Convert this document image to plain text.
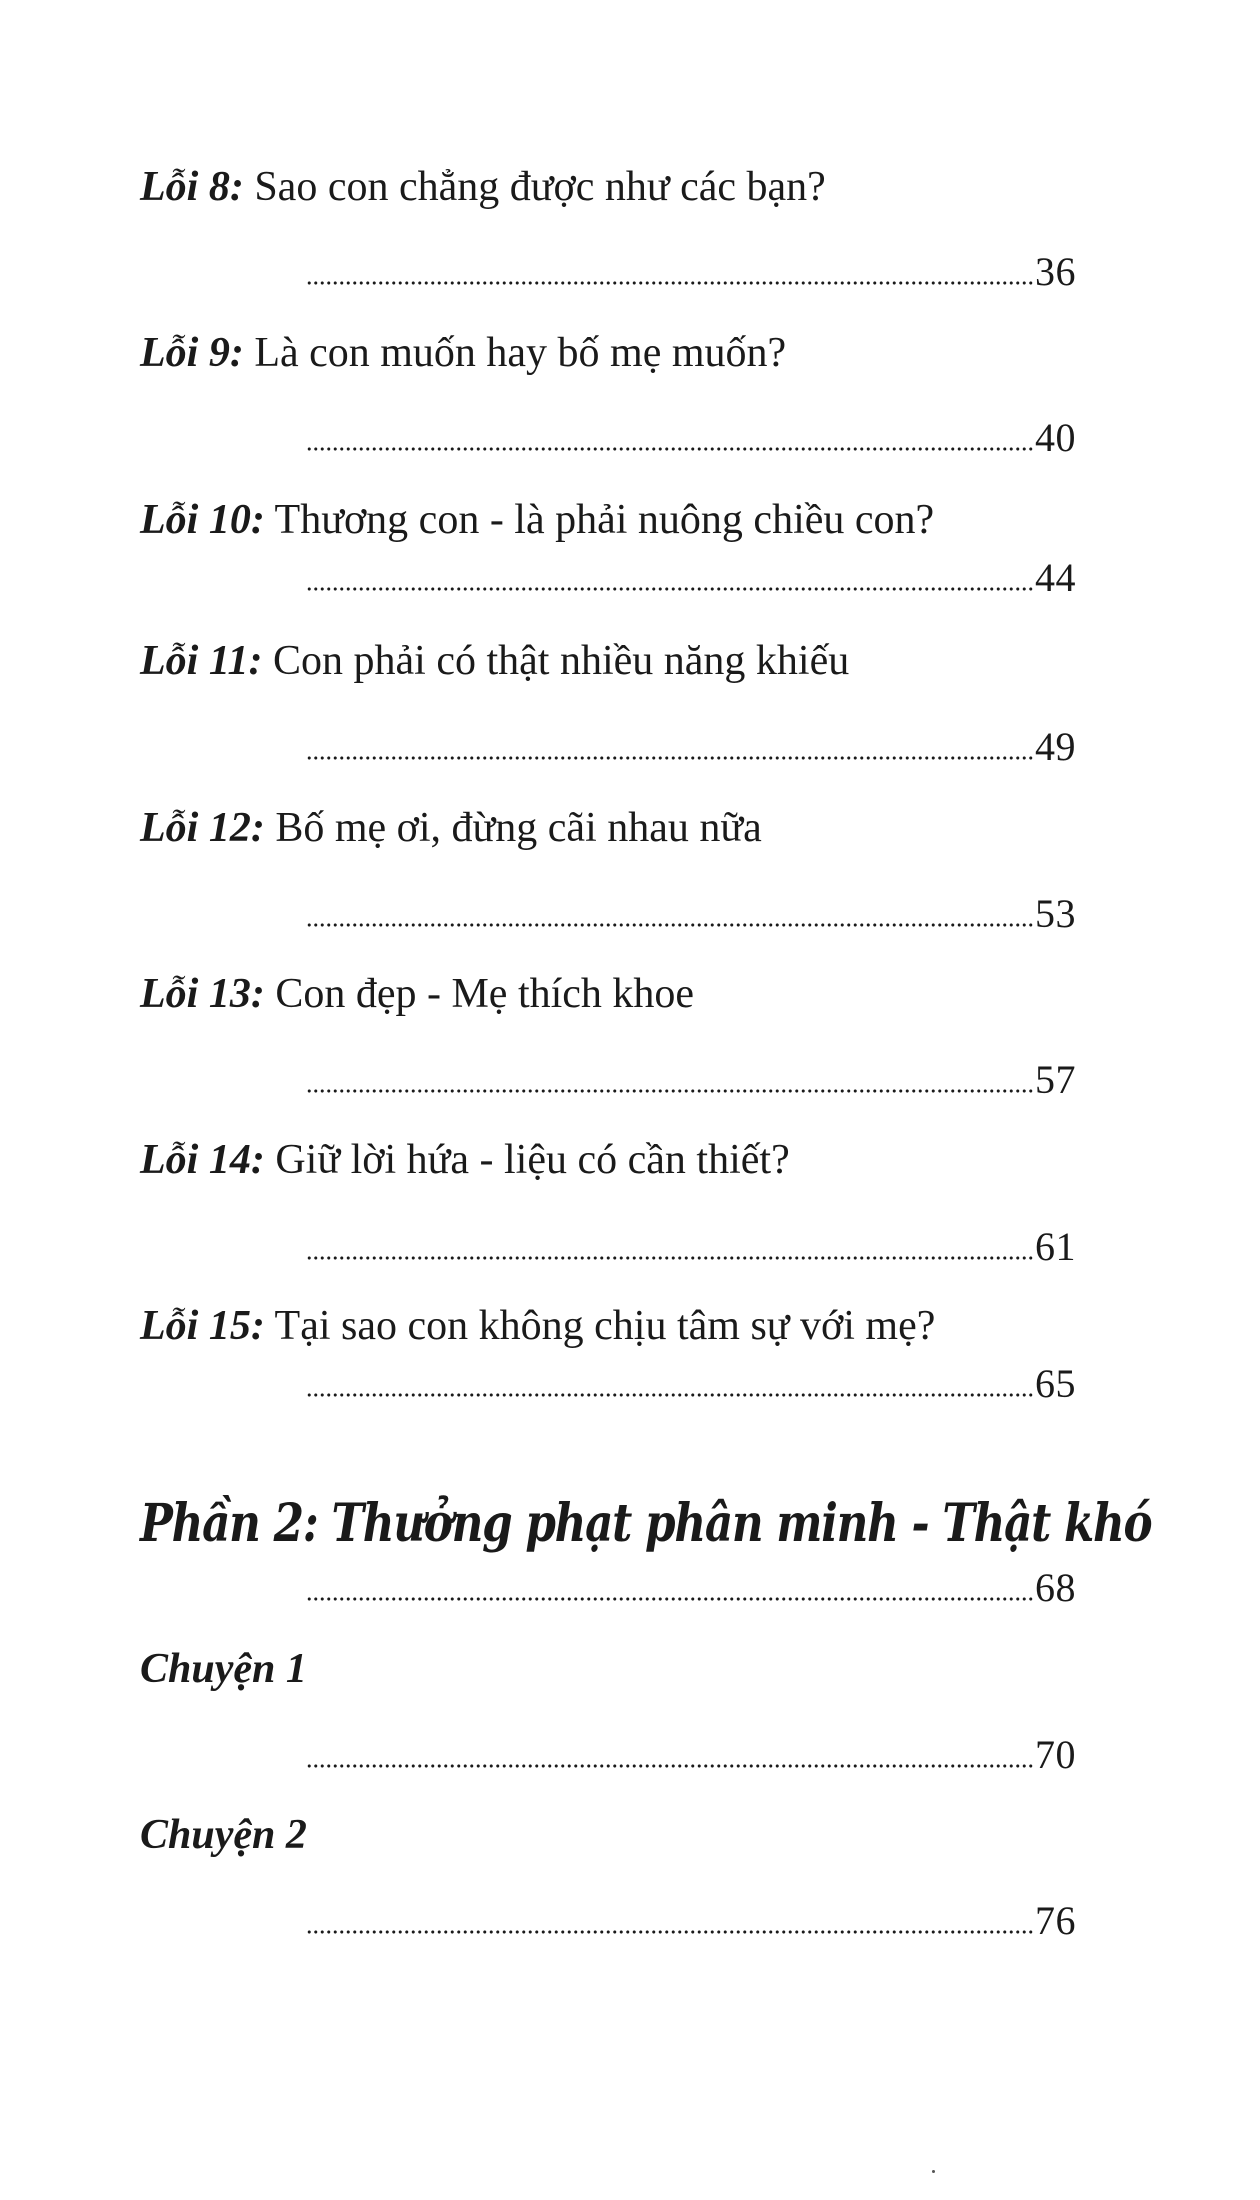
Lỗi 8: Sao con chẳng được như các bạn?
36
Lỗi 9: Là con muốn hay bố mẹ muốn?
40
Lỗi 10: Thương con - là phải nuông chiều con?
44
Lỗi 11: Con phải có thật nhiều năng khiếu
49
Lỗi 12: Bố mẹ ơi, đừng cãi nhau nữa
53
Lỗi 13: Con đẹp - Mẹ thích khoe
57
Lỗi 14: Giữ lời hứa - liệu có cần thiết?
61
Lỗi 15: Tại sao con không chịu tâm sự với mẹ?
65
Phần 2: Thưởng phạt phân minh - Thật khó
68
Chuyện 1
70
Chuyện 2
76
